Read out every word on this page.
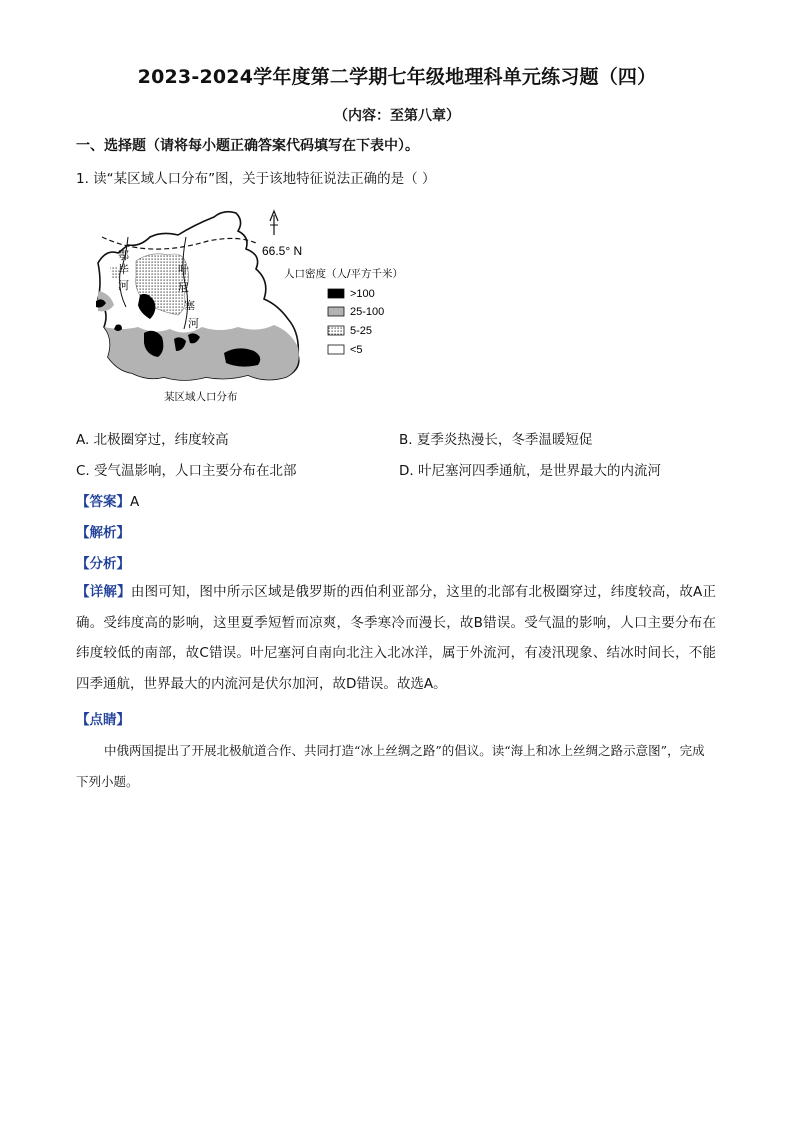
2023-2024学年度第二学期七年级地理科单元练习题（四）
（内容：至第八章）
一、选择题（请将每小题正确答案代码填写在下表中）。
1. 读“某区域人口分布”图，关于该地特征说法正确的是（ ）
66.5° N
鄂
毕
河
叶
尼
塞
河
人口密度（人/平方千米）
>100
25-100
5-25
<5
某区域人口分布
A. 北极圈穿过，纬度较高	B. 夏季炎热漫长，冬季温暖短促
C. 受气温影响，人口主要分布在北部	D. 叶尼塞河四季通航，是世界最大的内流河
【答案】A
【解析】
【分析】
【详解】由图可知，图中所示区域是俄罗斯的西伯利亚部分，这里的北部有北极圈穿过，纬度较高，故A正确。受纬度高的影响，这里夏季短暂而凉爽，冬季寒冷而漫长，故B错误。受气温的影响，人口主要分布在纬度较低的南部，故C错误。叶尼塞河自南向北注入北冰洋，属于外流河，有凌汛现象、结冰时间长，不能四季通航，世界最大的内流河是伏尔加河，故D错误。故选A。
【点睛】
中俄两国提出了开展北极航道合作、共同打造“冰上丝绸之路”的倡议。读“海上和冰上丝绸之路示意图”，完成下列小题。
